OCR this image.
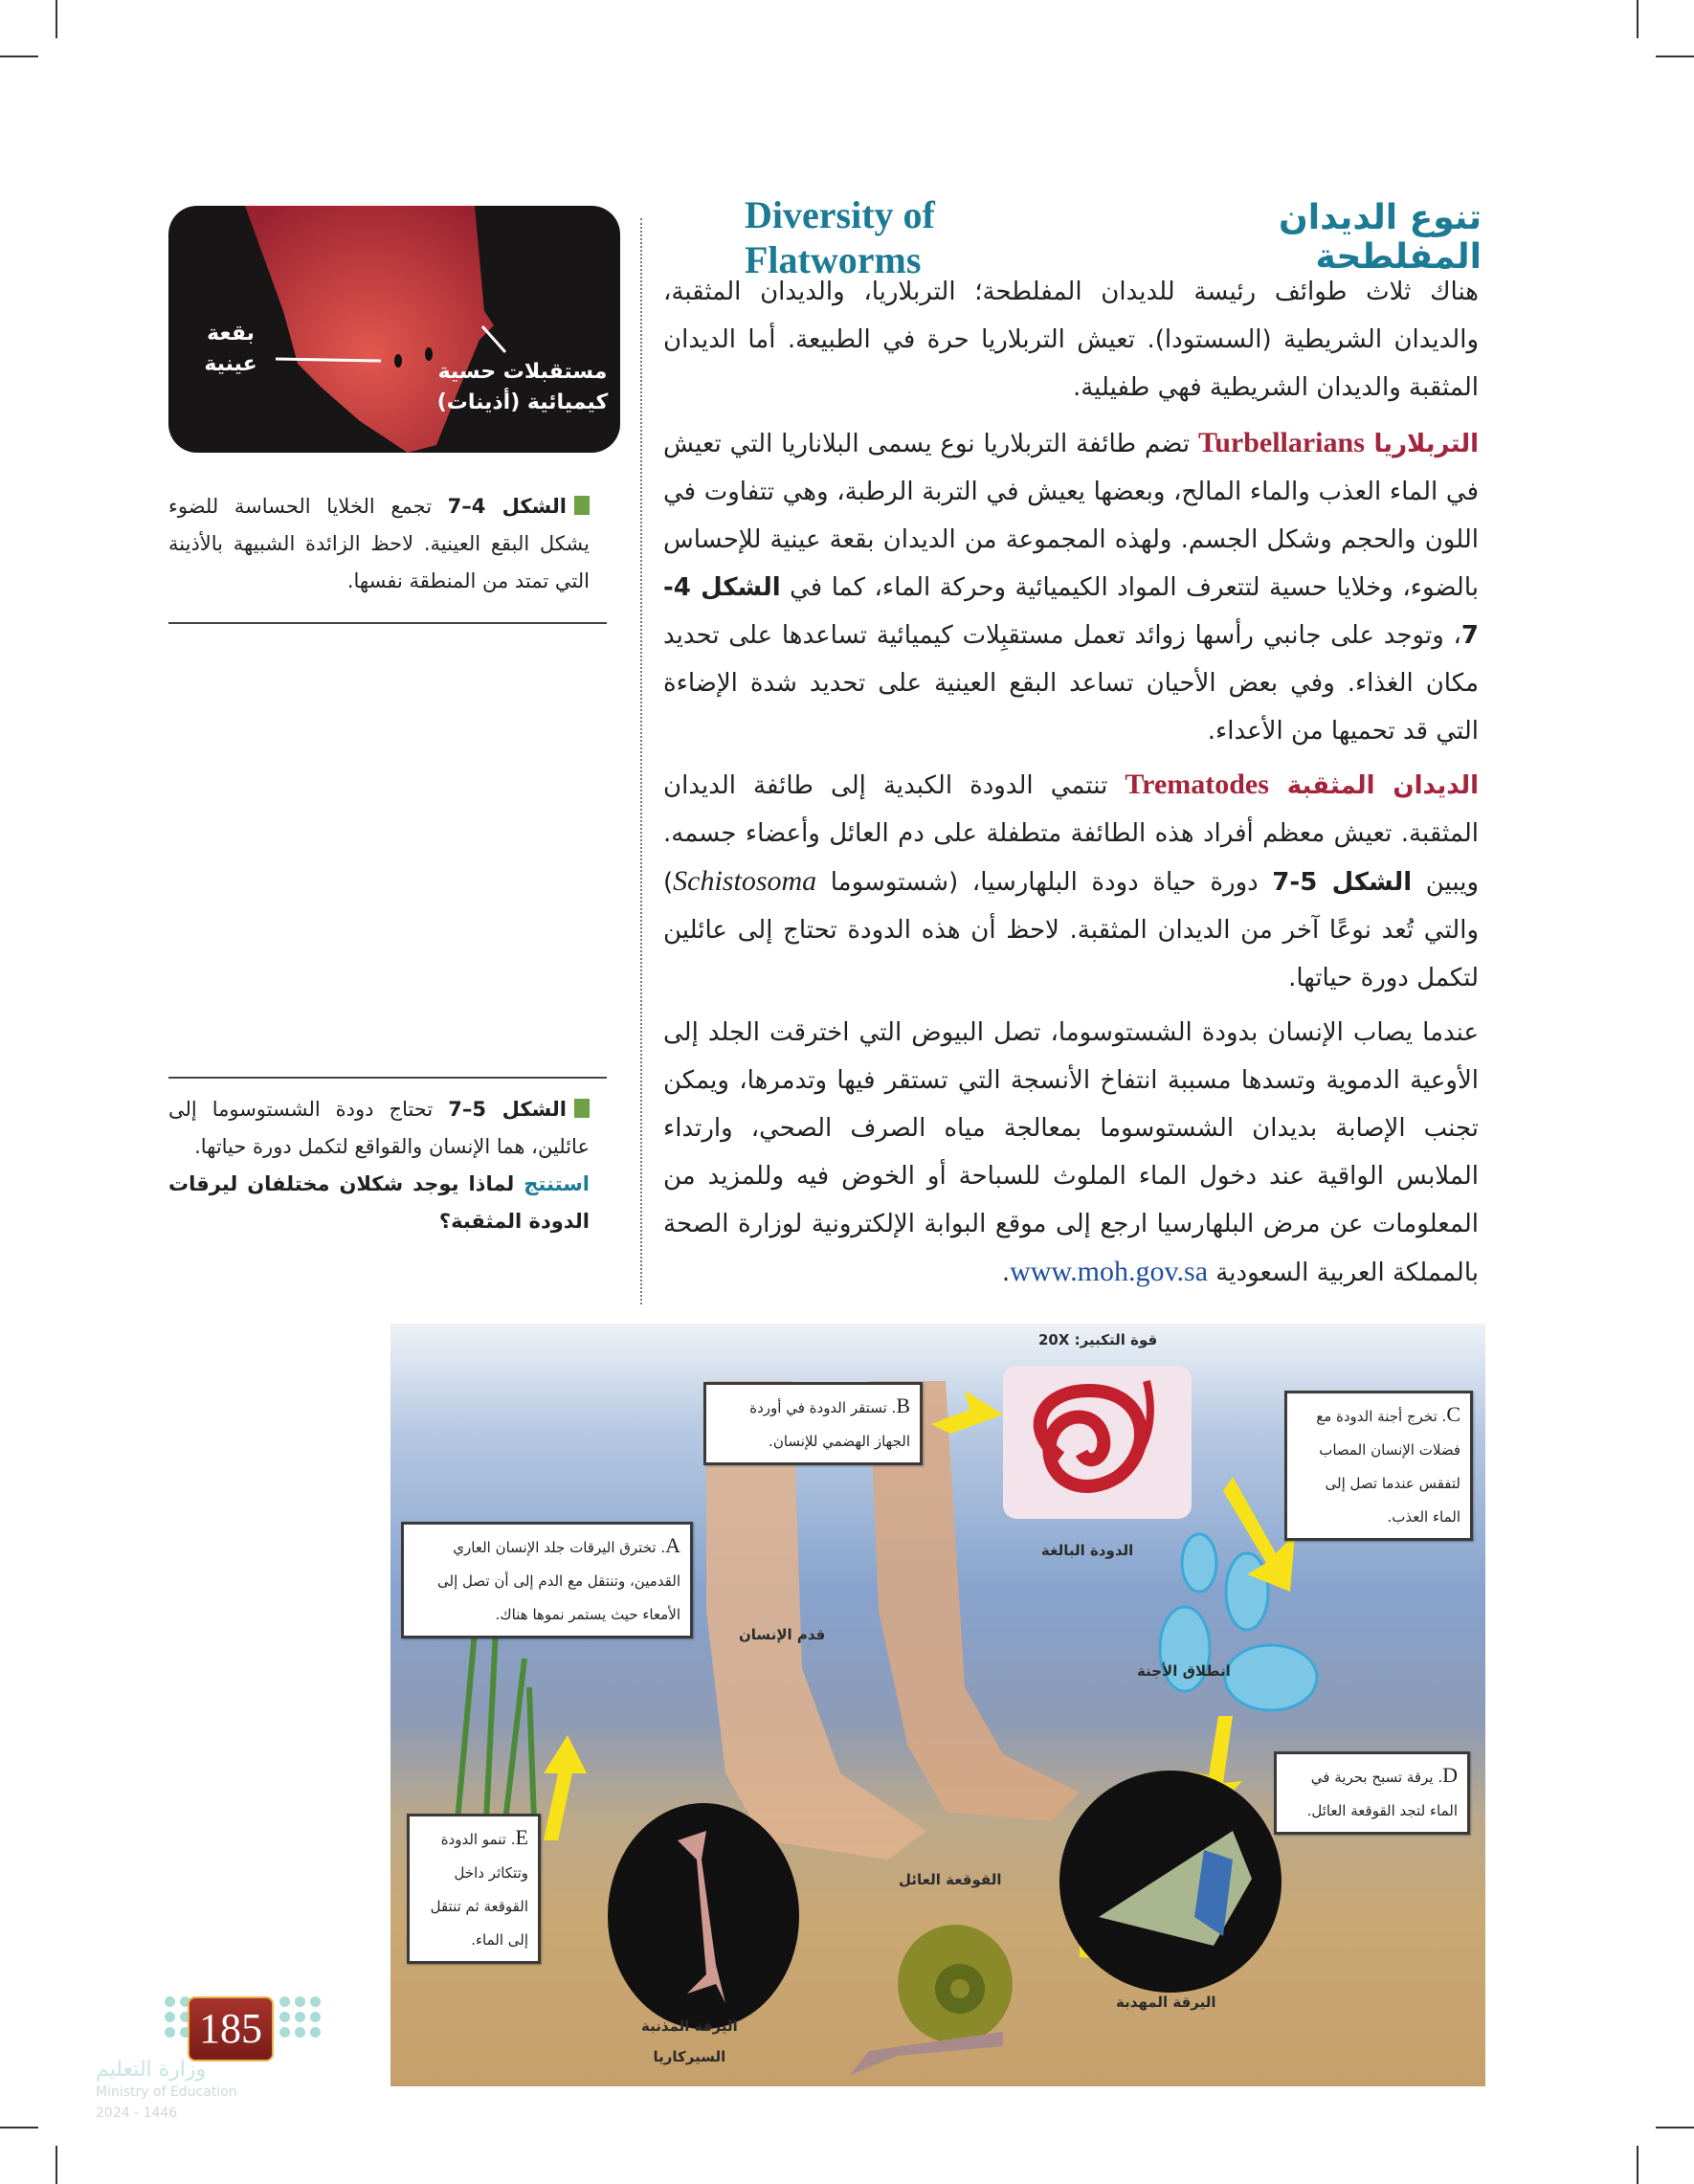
Diversity of Flatworms
تنوع الديدان المفلطحة

هناك ثلاث طوائف رئيسة للديدان المفلطحة؛ التربلاريا، والديدان المثقبة، والديدان الشريطية (السستودا). تعيش التربلاريا حرة في الطبيعة. أما الديدان المثقبة والديدان الشريطية فهي طفيلية.

التربلاريا Turbellarians تضم طائفة التربلاريا نوع يسمى البلاناريا التي تعيش في الماء العذب والماء المالح، وبعضها يعيش في التربة الرطبة، وهي تتفاوت في اللون والحجم وشكل الجسم. ولهذه المجموعة من الديدان بقعة عينية للإحساس بالضوء، وخلايا حسية لتتعرف المواد الكيميائية وحركة الماء، كما في الشكل 4-7، وتوجد على جانبي رأسها زوائد تعمل مستقبِلات كيميائية تساعدها على تحديد مكان الغذاء. وفي بعض الأحيان تساعد البقع العينية على تحديد شدة الإضاءة التي قد تحميها من الأعداء.

الديدان المثقبة Trematodes تنتمي الدودة الكبدية إلى طائفة الديدان المثقبة. تعيش معظم أفراد هذه الطائفة متطفلة على دم العائل وأعضاء جسمه. ويبين الشكل 5-7 دورة حياة دودة البلهارسيا، (شستوسوما Schistosoma) والتي تُعد نوعًا آخر من الديدان المثقبة. لاحظ أن هذه الدودة تحتاج إلى عائلين لتكمل دورة حياتها.

عندما يصاب الإنسان بدودة الشستوسوما، تصل البيوض التي اخترقت الجلد إلى الأوعية الدموية وتسدها مسببة انتفاخ الأنسجة التي تستقر فيها وتدمرها، ويمكن تجنب الإصابة بديدان الشستوسوما بمعالجة مياه الصرف الصحي، وارتداء الملابس الواقية عند دخول الماء الملوث للسباحة أو الخوض فيه وللمزيد من المعلومات عن مرض البلهارسيا ارجع إلى موقع البوابة الإلكترونية لوزارة الصحة بالمملكة العربية السعودية www.moh.gov.sa.

بقعة عينية	مستقبلات حسية كيميائية (أذينات)

الشكل 4–7 تجمع الخلايا الحساسة للضوء يشكل البقع العينية. لاحظ الزائدة الشبيهة بالأذينة التي تمتد من المنطقة نفسها.

الشكل 5–7 تحتاج دودة الشستوسوما إلى عائلين، هما الإنسان والقواقع لتكمل دورة حياتها.

استنتج لماذا يوجد شكلان مختلفان ليرقات الدودة المثقبة؟

قوة التكبير: 20X
الدودة البالغة
انطلاق الأجنة
قدم الإنسان
القوقعة العائل
اليرقة المهدبة
اليرقة المذنبة
السيركاريا
A. تخترق اليرقات جلد الإنسان العاري القدمين، وتنتقل مع الدم إلى أن تصل إلى الأمعاء حيث يستمر نموها هناك.
B. تستقر الدودة في أوردة الجهاز الهضمي للإنسان.
C. تخرج أجنة الدودة مع فضلات الإنسان المصاب لتفقس عندما تصل إلى الماء العذب.
D. يرقة تسبح بحرية في الماء لتجد القوقعة العائل.
E. تنمو الدودة وتتكاثر داخل القوقعة ثم تنتقل إلى الماء.
185
وزارة التعليم
Ministry of Education
2024 - 1446
